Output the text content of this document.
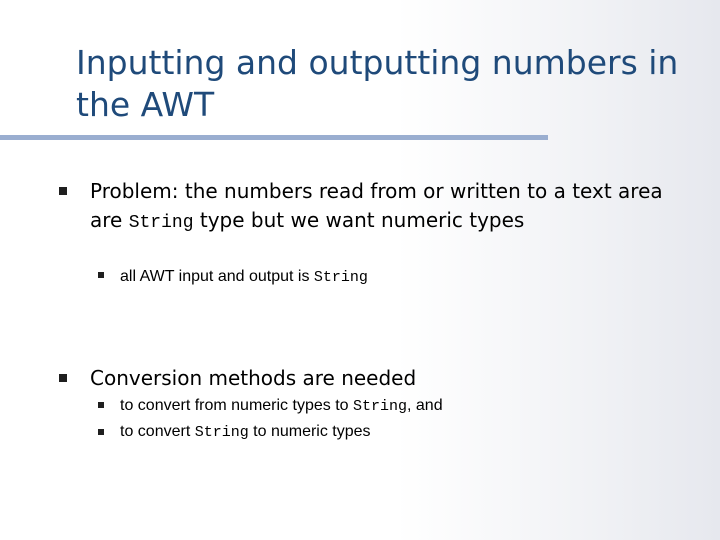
Inputting and outputting numbers in the AWT

Problem: the numbers read from or written to a text area are String type but we want numeric types

all AWT input and output is String

Conversion methods are needed

to convert from numeric types to String, and

to convert String to numeric types
